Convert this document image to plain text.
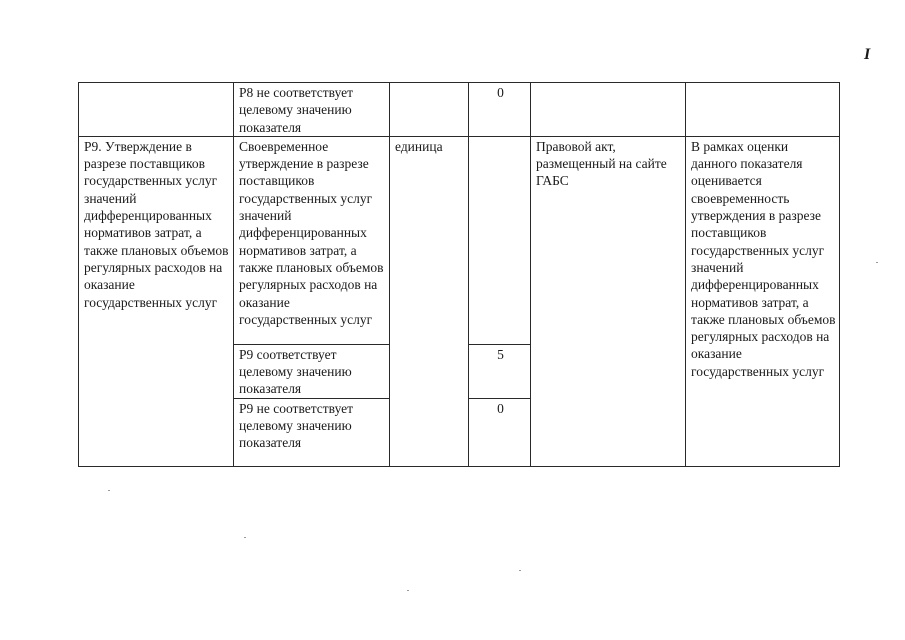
I
	Р8 не соответствует целевому значению показателя		0		
Р9. Утверждение в разрезе поставщиков государственных услуг значений дифференцированных нормативов затрат, а также плановых объемов регулярных расходов на оказание государственных услуг	Своевременное утверждение в разрезе поставщиков государственных услуг значений дифференцированных нормативов затрат, а также плановых объемов регулярных расходов на оказание государственных услуг	единица		Правовой акт, размещенный на сайте ГАБС	В рамках оценки данного показателя оценивается своевременность утверждения в разрезе поставщиков государственных услуг значений дифференцированных нормативов затрат, а также плановых объемов регулярных расходов на оказание государственных услуг
	Р9 соответствует целевому значению показателя		5		
	Р9 не соответствует целевому значению показателя		0		
